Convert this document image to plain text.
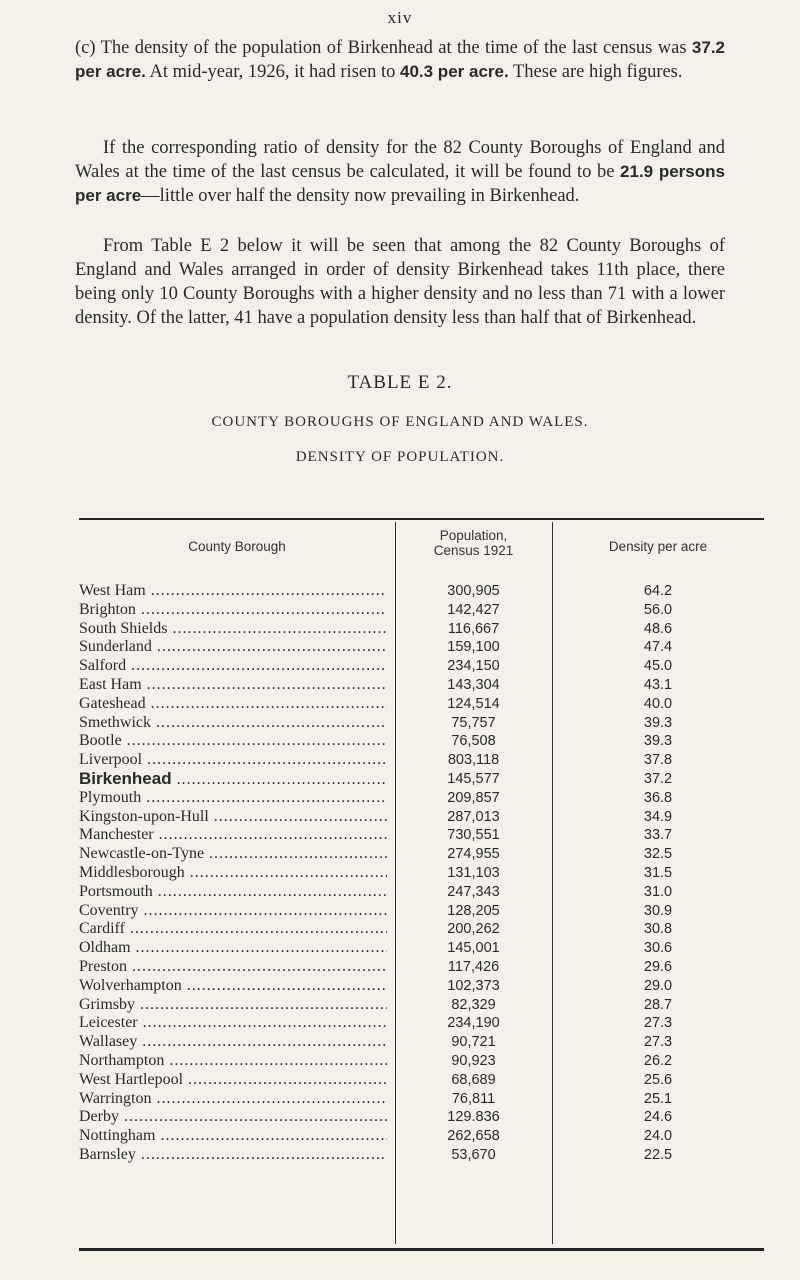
xiv

(c) The density of the population of Birkenhead at the time of the last census was 37.2 per acre. At mid-year, 1926, it had risen to 40.3 per acre. These are high figures.

If the corresponding ratio of density for the 82 County Boroughs of England and Wales at the time of the last census be calculated, it will be found to be 21.9 persons per acre—little over half the density now prevailing in Birkenhead.

From Table E 2 below it will be seen that among the 82 County Boroughs of England and Wales arranged in order of density Birkenhead takes 11th place, there being only 10 County Boroughs with a higher density and no less than 71 with a lower density. Of the latter, 41 have a population density less than half that of Birkenhead.

TABLE E 2.
COUNTY BOROUGHS OF ENGLAND AND WALES.
DENSITY OF POPULATION.
County Borough
Population,
Census 1921	Density per acre
West Ham .....	300,905	64.2
Brighton .....	142,427	56.0
South Shields .....	116,667	48.6
Sunderland .....	159,100	47.4
Salford .....	234,150	45.0
East Ham .....	143,304	43.1
Gateshead .....	124,514	40.0
Smethwick .....	75,757	39.3
Bootle .....	76,508	39.3
Liverpool .....	803,118	37.8
Birkenhead .....	145,577	37.2
Plymouth .....	209,857	36.8
Kingston-upon-Hull .....	287,013	34.9
Manchester .....	730,551	33.7
Newcastle-on-Tyne .....	274,955	32.5
Middlesborough .....	131,103	31.5
Portsmouth .....	247,343	31.0
Coventry .....	128,205	30.9
Cardiff .....	200,262	30.8
Oldham .....	145,001	30.6
Preston .....	117,426	29.6
Wolverhampton .....	102,373	29.0
Grimsby .....	82,329	28.7
Leicester .....	234,190	27.3
Wallasey .....	90,721	27.3
Northampton .....	90,923	26.2
West Hartlepool .....	68,689	25.6
Warrington .....	76,811	25.1
Derby .....	129.836	24.6
Nottingham .....	262,658	24.0
Barnsley .....	53,670	22.5
